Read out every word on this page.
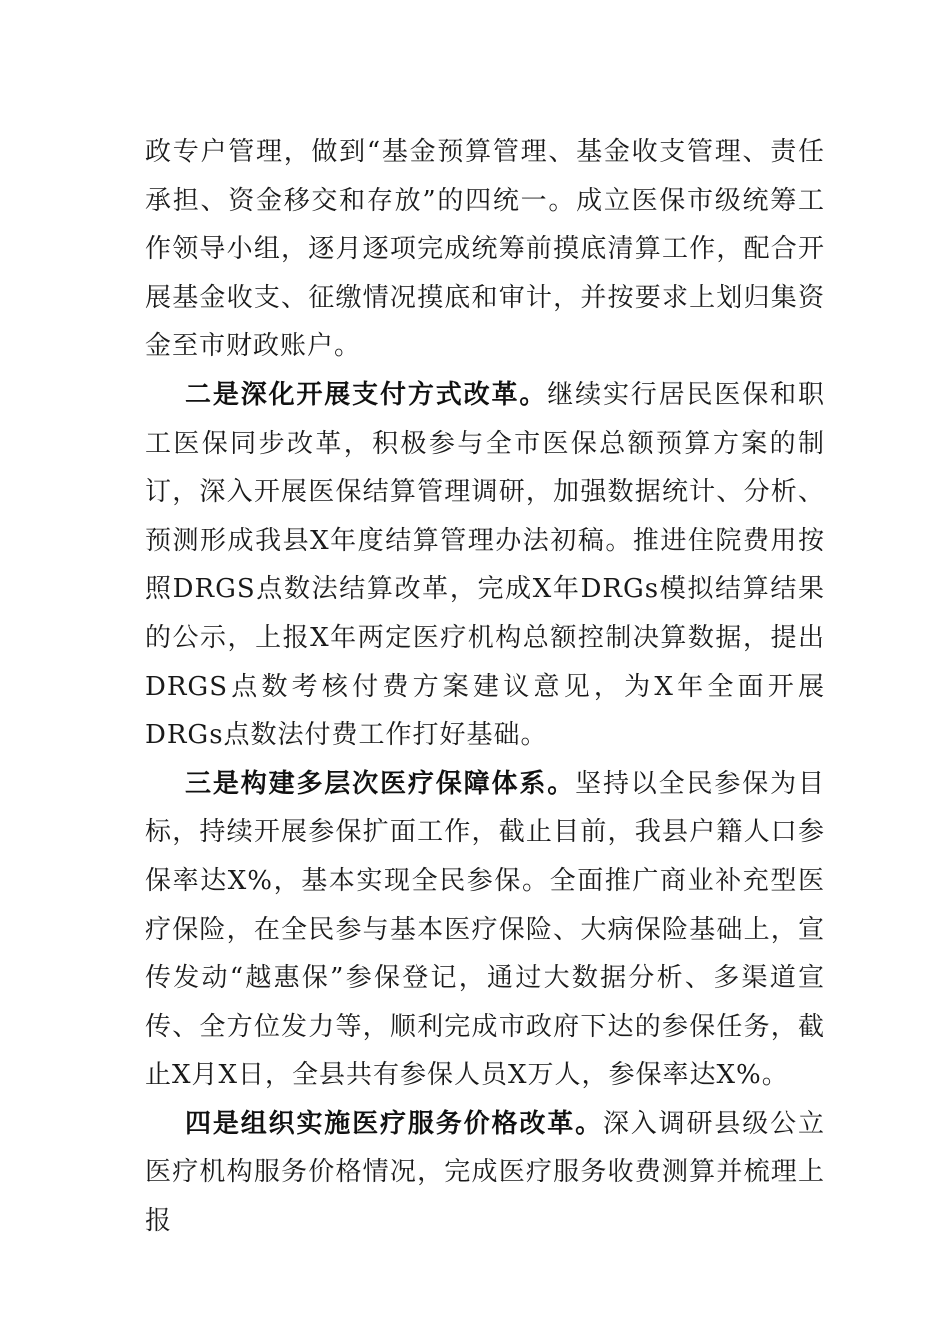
政专户管理，做到“基金预算管理、基金收支管理、责任承担、资金移交和存放”的四统一。成立医保市级统筹工作领导小组，逐月逐项完成统筹前摸底清算工作，配合开展基金收支、征缴情况摸底和审计，并按要求上划归集资金至市财政账户。

二是深化开展支付方式改革。继续实行居民医保和职工医保同步改革，积极参与全市医保总额预算方案的制订，深入开展医保结算管理调研，加强数据统计、分析、预测形成我县X年度结算管理办法初稿。推进住院费用按照DRGS点数法结算改革，完成X年DRGs模拟结算结果的公示，上报X年两定医疗机构总额控制决算数据，提出DRGS点数考核付费方案建议意见，为X年全面开展DRGs点数法付费工作打好基础。

三是构建多层次医疗保障体系。坚持以全民参保为目标，持续开展参保扩面工作，截止目前，我县户籍人口参保率达X%，基本实现全民参保。全面推广商业补充型医疗保险，在全民参与基本医疗保险、大病保险基础上，宣传发动“越惠保”参保登记，通过大数据分析、多渠道宣传、全方位发力等，顺利完成市政府下达的参保任务，截止X月X日，全县共有参保人员X万人，参保率达X%。

四是组织实施医疗服务价格改革。深入调研县级公立医疗机构服务价格情况，完成医疗服务收费测算并梳理上报
